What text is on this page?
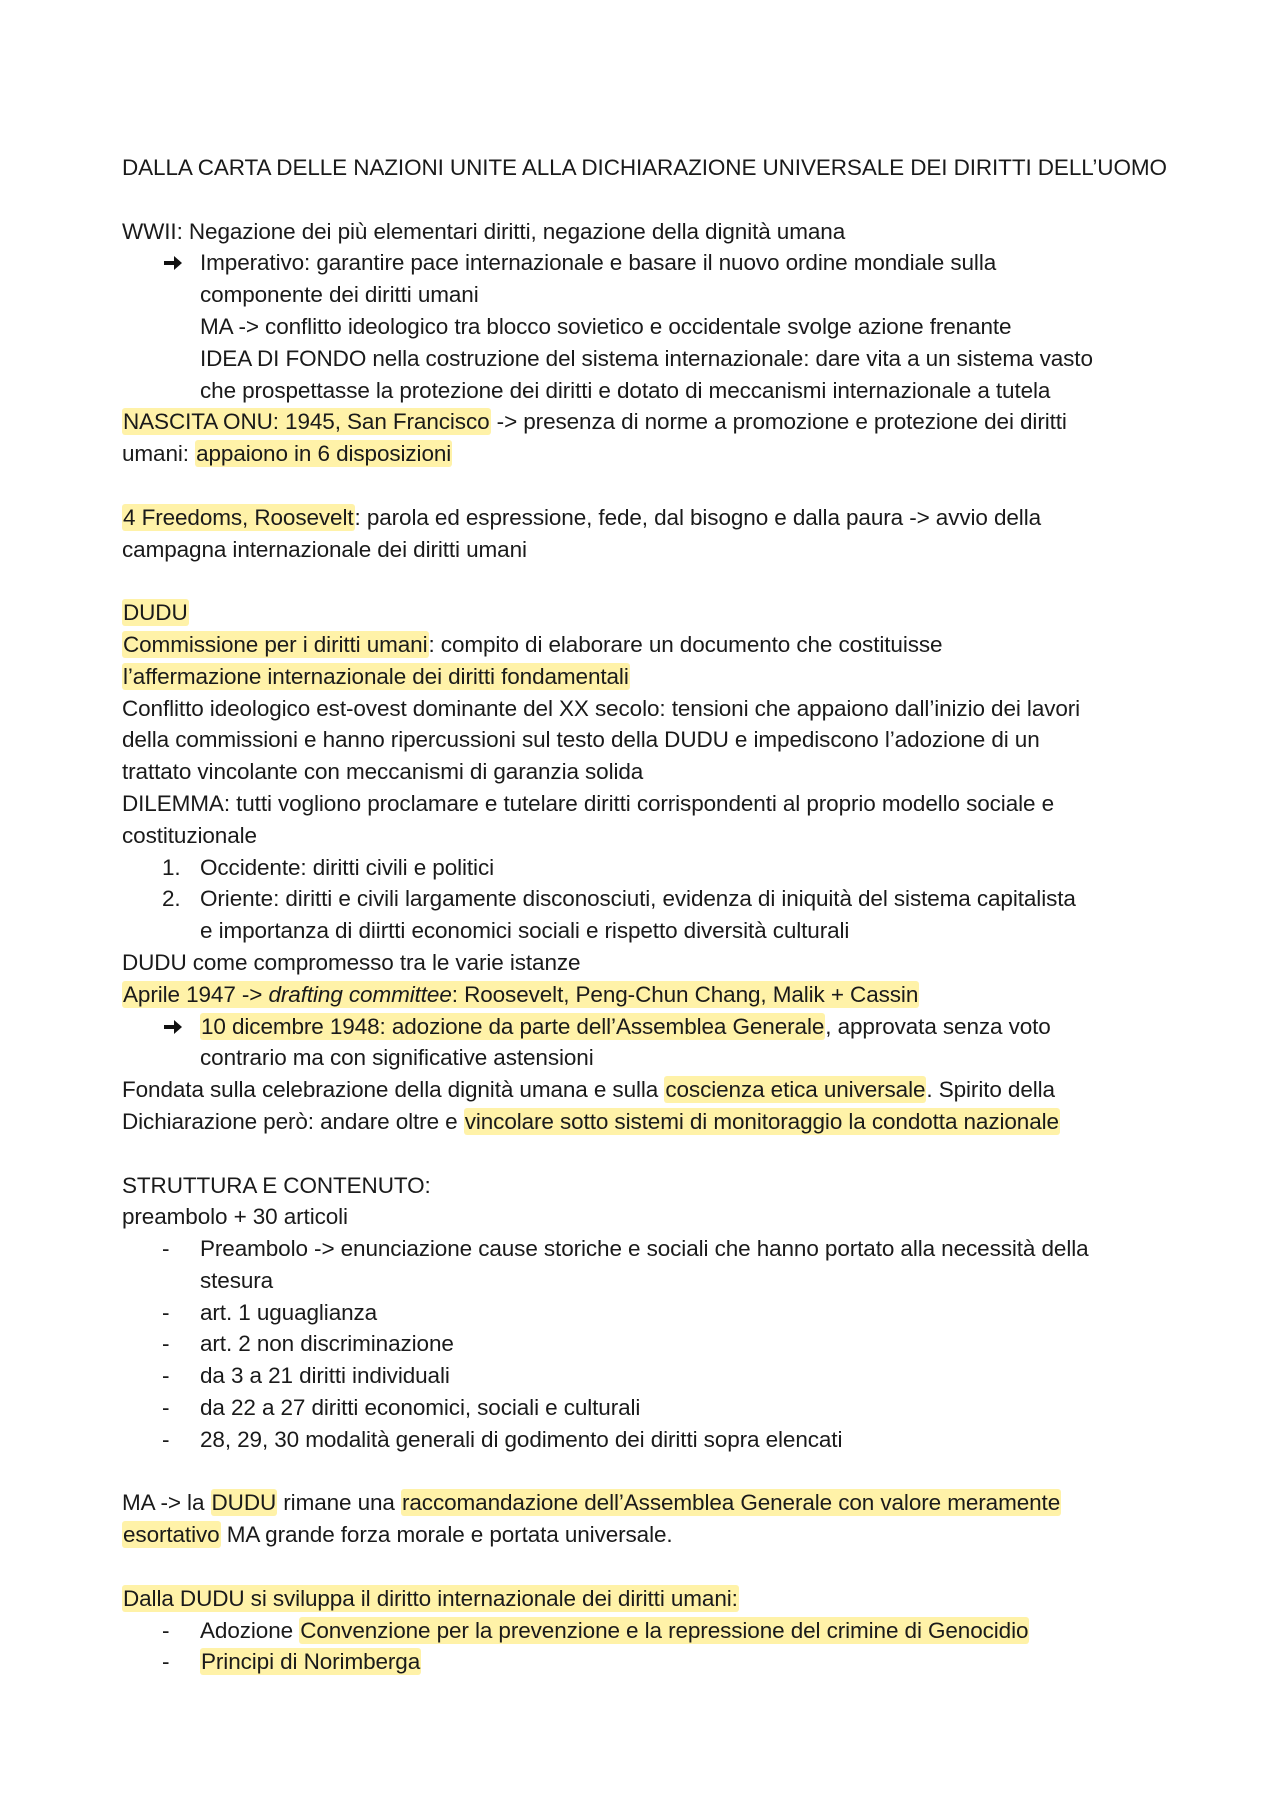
DALLA CARTA DELLE NAZIONI UNITE ALLA DICHIARAZIONE UNIVERSALE DEI DIRITTI DELL’UOMO
WWII: Negazione dei più elementari diritti, negazione della dignità umana
Imperativo: garantire pace internazionale e basare il nuovo ordine mondiale sulla
componente dei diritti umani
MA -> conflitto ideologico tra blocco sovietico e occidentale svolge azione frenante
IDEA DI FONDO nella costruzione del sistema internazionale: dare vita a un sistema vasto
che prospettasse la protezione dei diritti e dotato di meccanismi internazionale a tutela
NASCITA ONU: 1945, San Francisco -> presenza di norme a promozione e protezione dei diritti
umani: appaiono in 6 disposizioni
4 Freedoms, Roosevelt: parola ed espressione, fede, dal bisogno e dalla paura -> avvio della
campagna internazionale dei diritti umani
DUDU
Commissione per i diritti umani: compito di elaborare un documento che costituisse
l’affermazione internazionale dei diritti fondamentali
Conflitto ideologico est-ovest dominante del XX secolo: tensioni che appaiono dall’inizio dei lavori
della commissioni e hanno ripercussioni sul testo della DUDU e impediscono l’adozione di un
trattato vincolante con meccanismi di garanzia solida
DILEMMA: tutti vogliono proclamare e tutelare diritti corrispondenti al proprio modello sociale e
costituzionale
1. Occidente: diritti civili e politici
2. Oriente: diritti e civili largamente disconosciuti, evidenza di iniquità del sistema capitalista
e importanza di diirtti economici sociali e rispetto diversità culturali
DUDU come compromesso tra le varie istanze
Aprile 1947 -> drafting committee: Roosevelt, Peng-Chun Chang, Malik + Cassin
10 dicembre 1948: adozione da parte dell’Assemblea Generale, approvata senza voto
contrario ma con significative astensioni
Fondata sulla celebrazione della dignità umana e sulla coscienza etica universale. Spirito della
Dichiarazione però: andare oltre e vincolare sotto sistemi di monitoraggio la condotta nazionale
STRUTTURA E CONTENUTO:
preambolo + 30 articoli
-	Preambolo -> enunciazione cause storiche e sociali che hanno portato alla necessità della
stesura
-	art. 1 uguaglianza
-	art. 2 non discriminazione
-	da 3 a 21 diritti individuali
-	da 22 a 27 diritti economici, sociali e culturali
-	28, 29, 30 modalità generali di godimento dei diritti sopra elencati
MA -> la DUDU rimane una raccomandazione dell’Assemblea Generale con valore meramente
esortativo MA grande forza morale e portata universale.
Dalla DUDU si sviluppa il diritto internazionale dei diritti umani:
-	Adozione Convenzione per la prevenzione e la repressione del crimine di Genocidio
-	Principi di Norimberga
